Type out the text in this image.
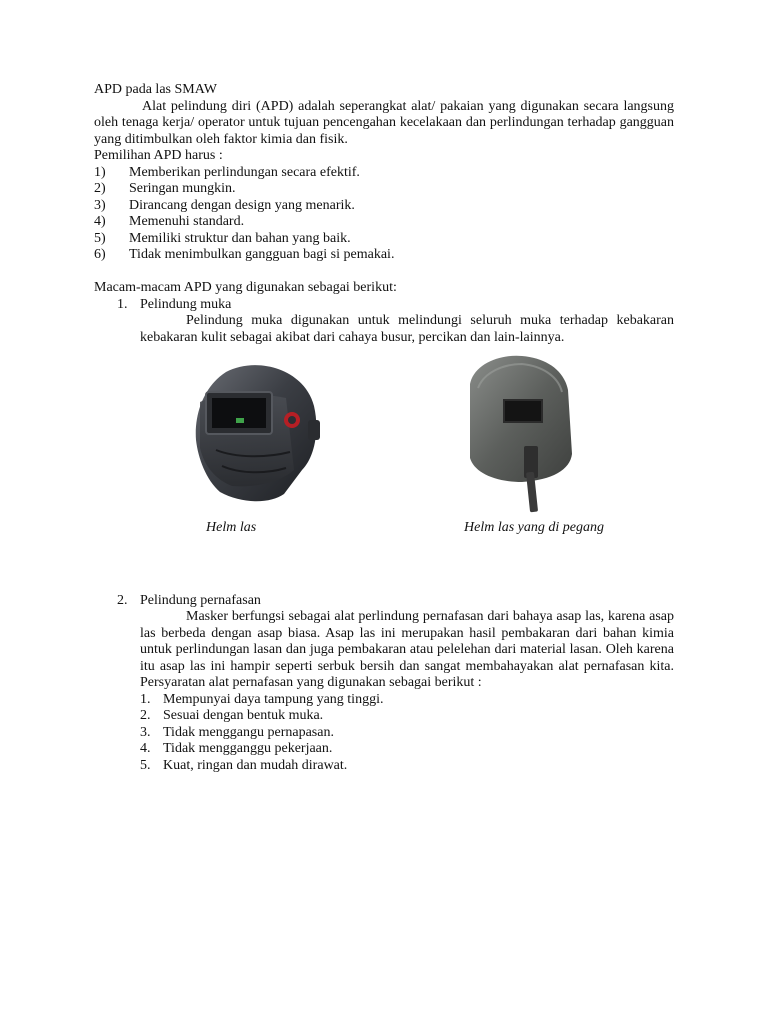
APD pada las SMAW

Alat pelindung diri (APD) adalah seperangkat alat/ pakaian yang digunakan secara langsung oleh tenaga kerja/ operator untuk tujuan pencengahan kecelakaan dan perlindungan terhadap gangguan yang ditimbulkan oleh faktor kimia dan fisik.

Pemilihan APD harus :

1)	Memberikan perlindungan secara efektif.
2)	Seringan mungkin.
3)	Dirancang dengan design yang menarik.
4)	Memenuhi standard.
5)	Memiliki struktur dan bahan yang baik.
6)	Tidak menimbulkan gangguan bagi si pemakai.

Macam-macam APD yang digunakan sebagai berikut:

1. Pelindung muka

Pelindung muka digunakan untuk melindungi seluruh muka terhadap kebakaran kebakaran kulit sebagai akibat dari cahaya busur, percikan dan lain-lainnya.

Helm las	Helm las yang di pegang
2. Pelindung pernafasan

Masker berfungsi sebagai alat perlindung pernafasan dari bahaya asap las, karena asap las berbeda dengan asap biasa. Asap las ini merupakan hasil pembakaran dari bahan kimia untuk perlindungan lasan dan juga pembakaran atau pelelehan dari material lasan. Oleh karena itu asap las ini hampir seperti serbuk bersih dan sangat membahayakan alat pernafasan kita. Persyaratan alat pernafasan yang digunakan sebagai berikut :

1. Mempunyai daya tampung yang tinggi.
2. Sesuai dengan bentuk muka.
3. Tidak menggangu pernapasan.
4. Tidak mengganggu pekerjaan.
5. Kuat, ringan dan mudah dirawat.
